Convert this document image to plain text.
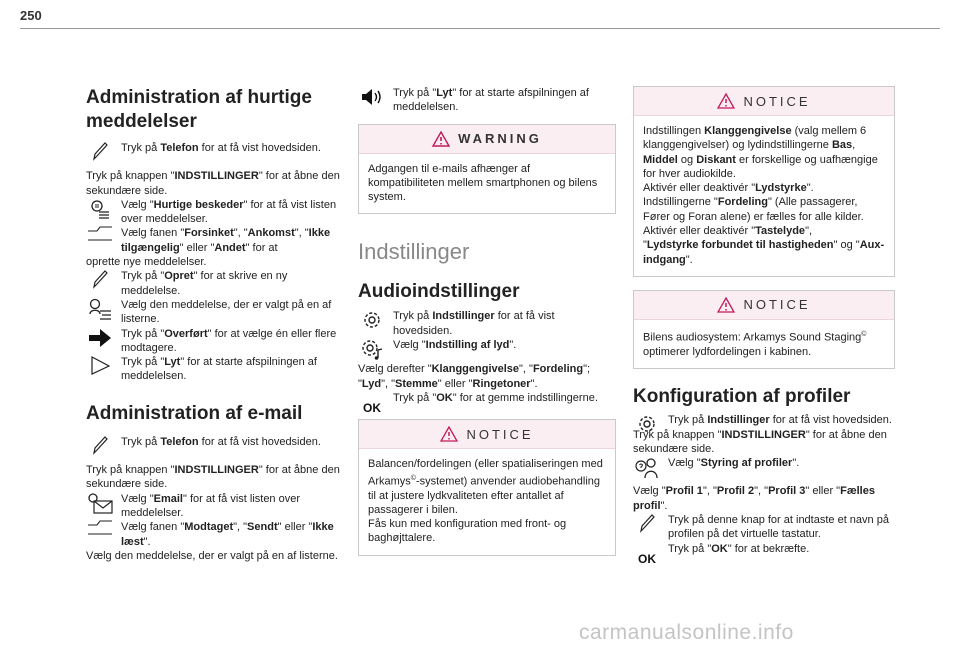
250
Administration af hurtige
meddelelser
Tryk på Telefon for at få vist hovedsiden.

Tryk på knappen "INDSTILLINGER" for at åbne den sekundære side.

Vælg "Hurtige beskeder" for at få vist listen over meddelelser.
Vælg fanen "Forsinket", "Ankomst", "Ikke tilgængelig" eller "Andet" for at

oprette nye meddelelser.

Tryk på "Opret" for at skrive en ny meddelelse.
Vælg den meddelelse, der er valgt på en af listerne.
Tryk på "Overført" for at vælge én eller flere modtagere.
Tryk på "Lyt" for at starte afspilningen af meddelelsen.
Administration af e-mail
Tryk på Telefon for at få vist hovedsiden.

Tryk på knappen "INDSTILLINGER" for at åbne den sekundære side.

Vælg "Email" for at få vist listen over meddelelser.
Vælg fanen "Modtaget", "Sendt" eller "Ikke læst".

Vælg den meddelelse, der er valgt på en af listerne.

Tryk på "Lyt" for at starte afspilningen af meddelelsen.
WARNING
Adgangen til e-mails afhænger af kompatibiliteten mellem smartphonen og bilens system.
Indstillinger
Audioindstillinger
Tryk på Indstillinger for at få vist hovedsiden.
Vælg "Indstilling af lyd".

Vælg derefter "Klanggengivelse", "Fordeling"; "Lyd", "Stemme" eller "Ringetoner".

OK
Tryk på "OK" for at gemme indstillingerne.
NOTICE
Balancen/fordelingen (eller spatialiseringen med Arkamys©-systemet) anvender audiobehandling til at justere lydkvaliteten efter antallet af passagerer i bilen.
Fås kun med konfiguration med front- og baghøjttalere.
NOTICE
Indstillingen Klanggengivelse (valg mellem 6 klanggengivelser) og lydindstillingerne Bas, Middel og Diskant er forskellige og uafhængige for hver audiokilde.
Aktivér eller deaktivér "Lydstyrke".
Indstillingerne "Fordeling" (Alle passagerer, Fører og Foran alene) er fælles for alle kilder.
Aktivér eller deaktivér "Tastelyde",
"Lydstyrke forbundet til hastigheden" og "Aux-indgang".
NOTICE
Bilens audiosystem: Arkamys Sound Staging© optimerer lydfordelingen i kabinen.
Konfiguration af profiler
Tryk på Indstillinger for at få vist hovedsiden.

Tryk på knappen "INDSTILLINGER" for at åbne den sekundære side.

Vælg "Styring af profiler".

Vælg "Profil 1", "Profil 2", "Profil 3" eller "Fælles profil".

Tryk på denne knap for at indtaste et navn på profilen på det virtuelle tastatur.
OK
Tryk på "OK" for at bekræfte.
carmanualsonline.info
